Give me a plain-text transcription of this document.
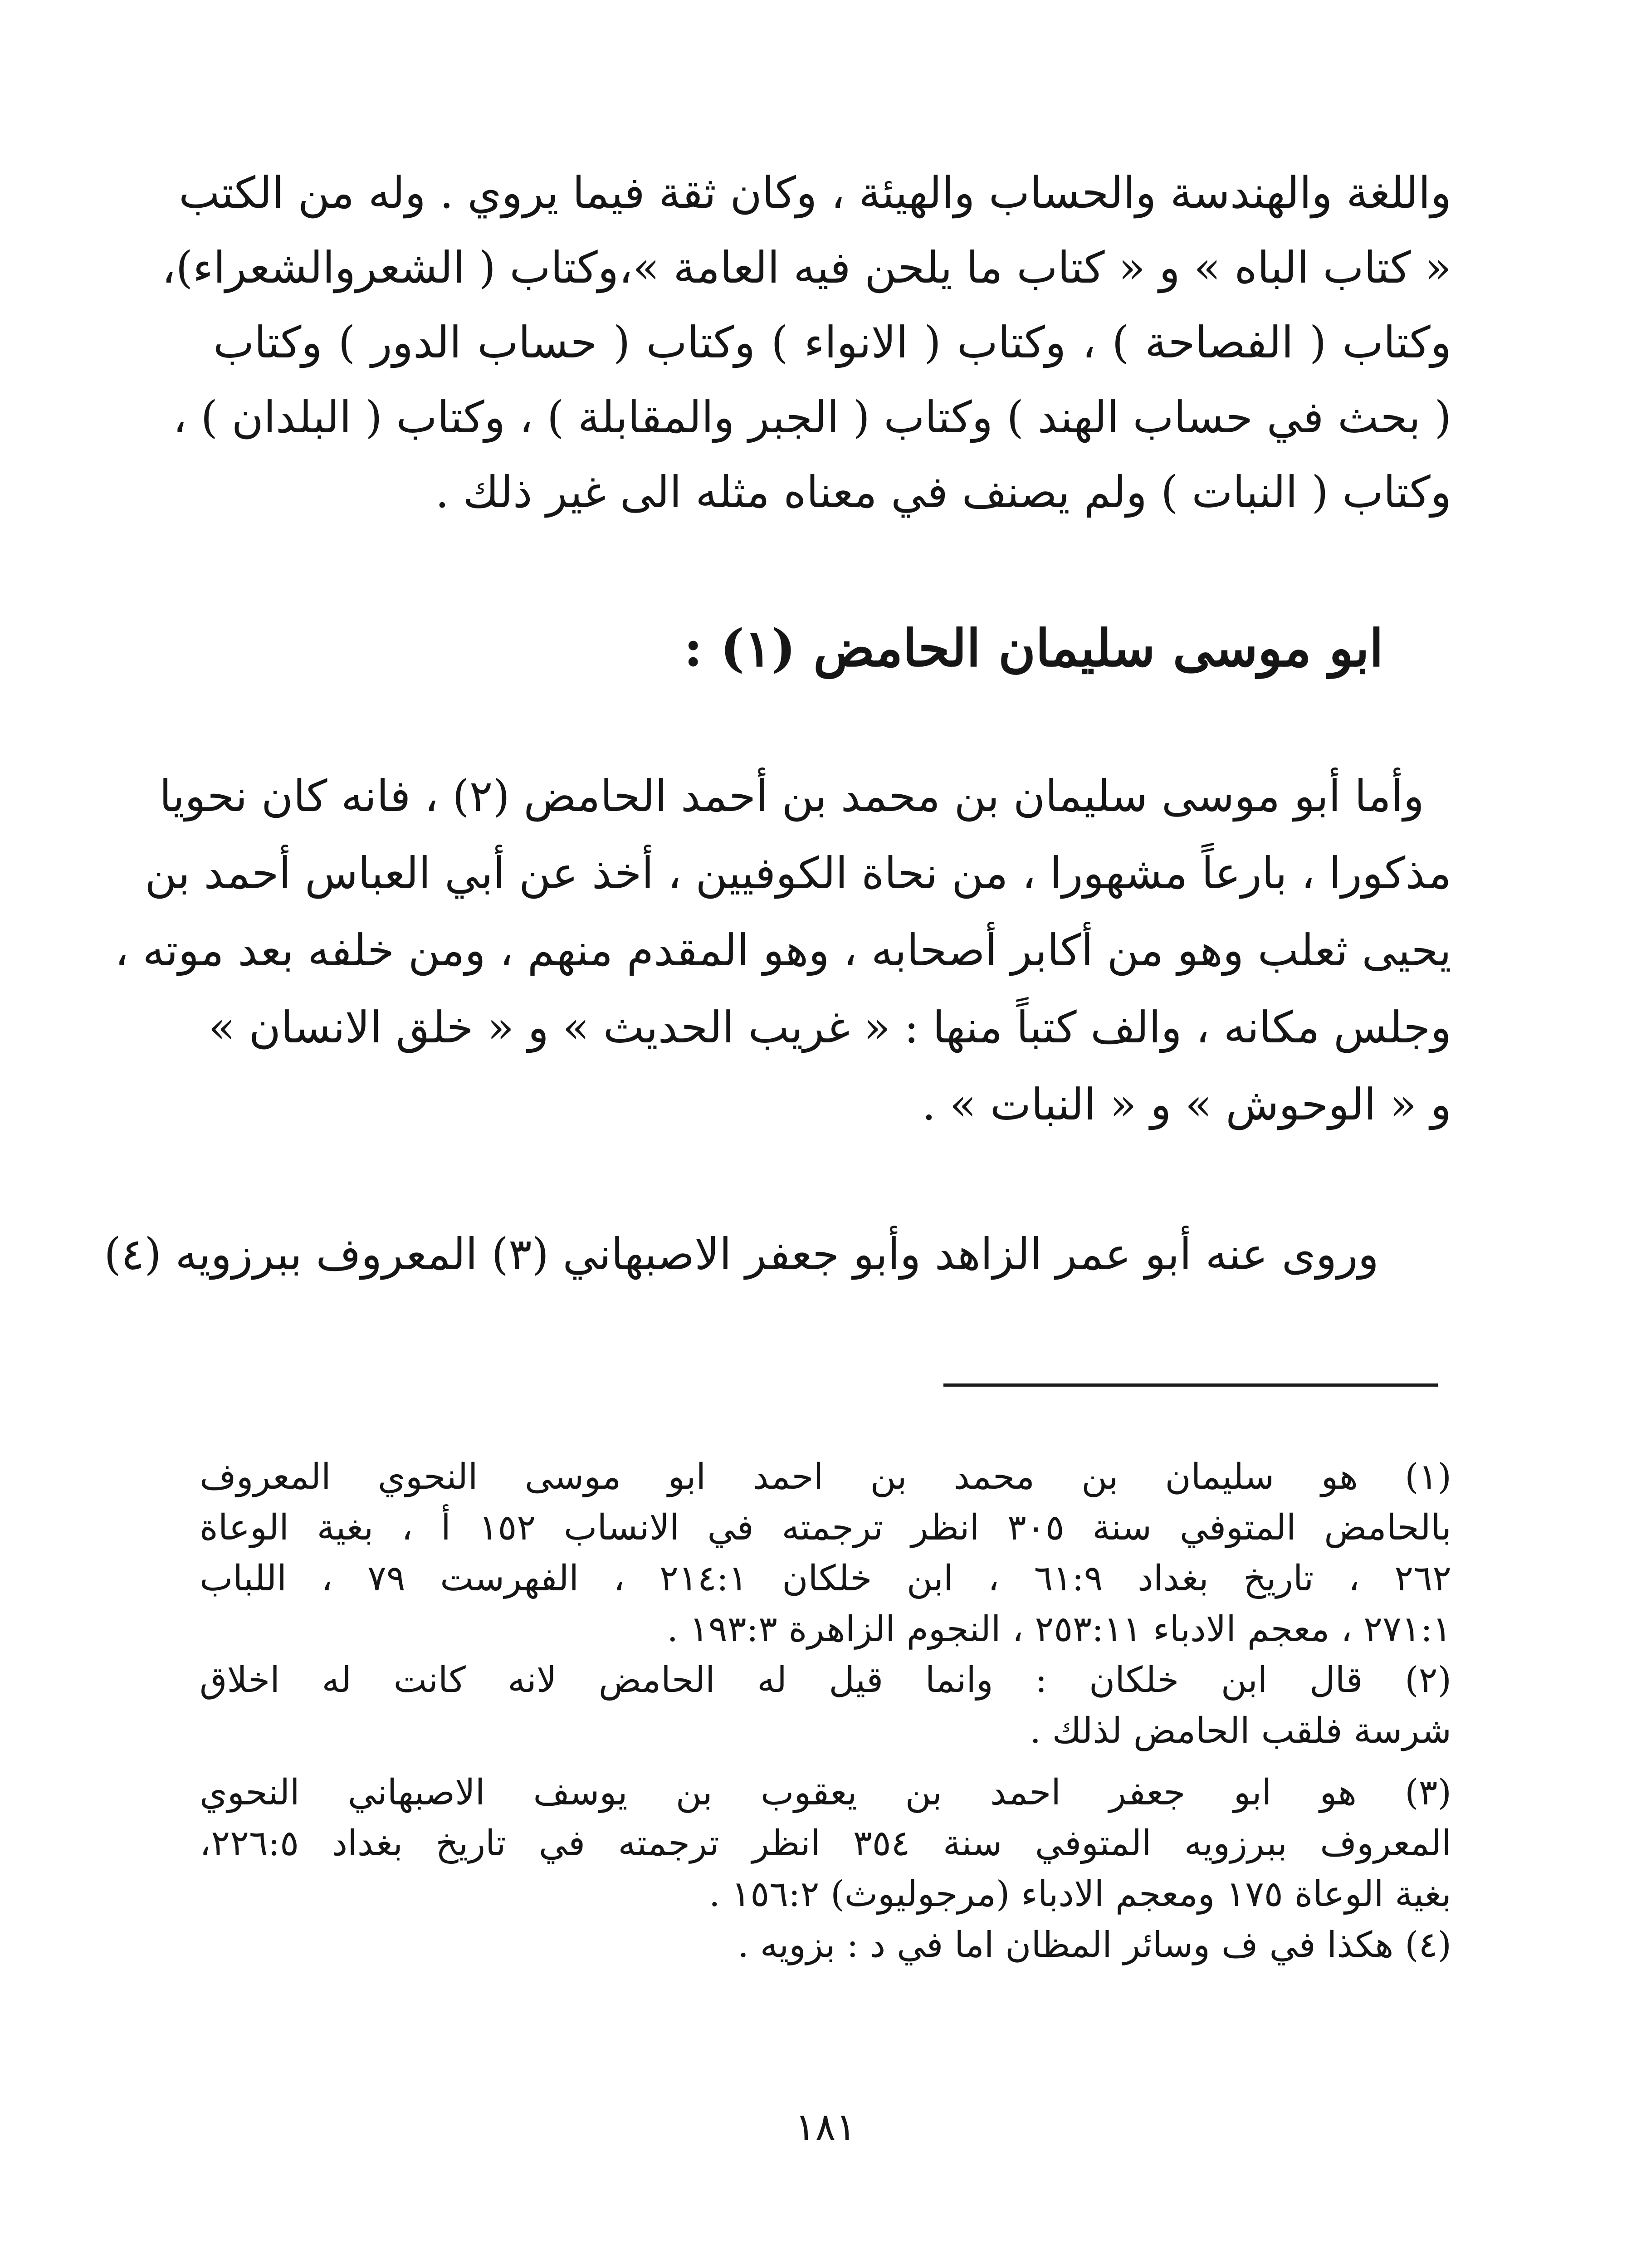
واللغة والهندسة والحساب والهيئة ، وكان ثقة فيما يروي . وله من الكتب
« كتاب الباه » و « كتاب ما يلحن فيه العامة »،وكتاب ( الشعروالشعراء)،
وكتاب ( الفصاحة ) ، وكتاب ( الانواء ) وكتاب ( حساب الدور ) وكتاب
( بحث في حساب الهند ) وكتاب ( الجبر والمقابلة ) ، وكتاب ( البلدان ) ،
وكتاب ( النبات ) ولم يصنف في معناه مثله الى غير ذلك .
ابو موسى سليمان الحامض (١) :
وأما أبو موسى سليمان بن محمد بن أحمد الحامض (٢) ، فانه كان نحويا
مذكورا ، بارعاً مشهورا ، من نحاة الكوفيين ، أخذ عن أبي العباس أحمد بن
يحيى ثعلب وهو من أكابر أصحابه ، وهو المقدم منهم ، ومن خلفه بعد موته ،
وجلس مكانه ، والف كتباً منها : « غريب الحديث » و « خلق الانسان »
و « الوحوش » و « النبات » .
وروى عنه أبو عمر الزاهد وأبو جعفر الاصبهاني (٣) المعروف ببرزويه (٤)
(١) هو سليمان بن محمد بن احمد ابو موسى النحوي المعروف
بالحامض المتوفي سنة ٣٠٥ انظر ترجمته في الانساب ١٥٢ أ ، بغية الوعاة
٢٦٢ ، تاريخ بغداد ٦١:٩ ، ابن خلكان ٢١٤:١ ، الفهرست ٧٩ ، اللباب
٢٧١:١ ، معجم الادباء ٢٥٣:١١ ، النجوم الزاهرة ١٩٣:٣ .
(٢) قال ابن خلكان : وانما قيل له الحامض لانه كانت له اخلاق
شرسة فلقب الحامض لذلك .
(٣) هو ابو جعفر احمد بن يعقوب بن يوسف الاصبهاني النحوي
المعروف ببرزويه المتوفي سنة ٣٥٤ انظر ترجمته في تاريخ بغداد ٢٢٦:٥،
بغية الوعاة ١٧٥ ومعجم الادباء (مرجوليوث) ١٥٦:٢ .
(٤) هكذا في ف وسائر المظان اما في د : بزويه .
١٨١
